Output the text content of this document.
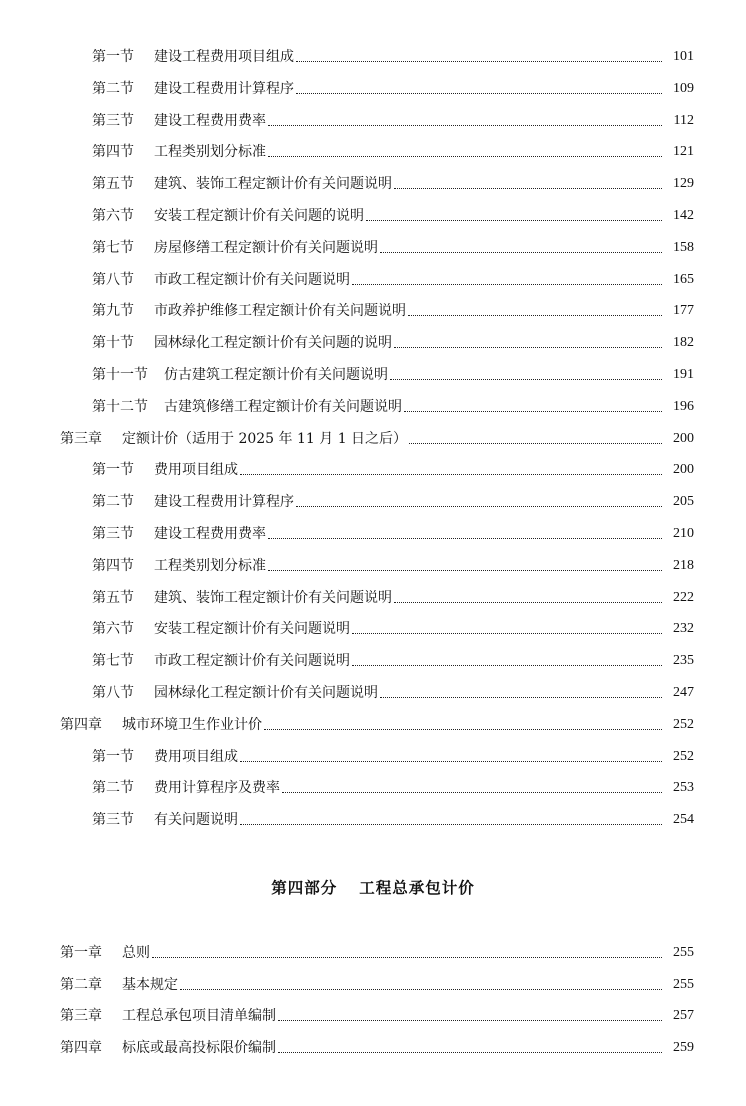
第一节 建设工程费用项目组成	101
第二节 建设工程费用计算程序	109
第三节 建设工程费用费率	112
第四节 工程类别划分标准	121
第五节 建筑、装饰工程定额计价有关问题说明	129
第六节 安装工程定额计价有关问题的说明	142
第七节 房屋修缮工程定额计价有关问题说明	158
第八节 市政工程定额计价有关问题说明	165
第九节 市政养护维修工程定额计价有关问题说明	177
第十节 园林绿化工程定额计价有关问题的说明	182
第十一节 仿古建筑工程定额计价有关问题说明	191
第十二节 古建筑修缮工程定额计价有关问题说明	196
第三章 定额计价（适用于 2025 年 11 月 1 日之后）	200
第一节 费用项目组成	200
第二节 建设工程费用计算程序	205
第三节 建设工程费用费率	210
第四节 工程类别划分标准	218
第五节 建筑、装饰工程定额计价有关问题说明	222
第六节 安装工程定额计价有关问题说明	232
第七节 市政工程定额计价有关问题说明	235
第八节 园林绿化工程定额计价有关问题说明	247
第四章 城市环境卫生作业计价	252
第一节 费用项目组成	252
第二节 费用计算程序及费率	253
第三节 有关问题说明	254
第四部分 工程总承包计价
第一章 总则	255
第二章 基本规定	255
第三章 工程总承包项目清单编制	257
第四章 标底或最高投标限价编制	259
